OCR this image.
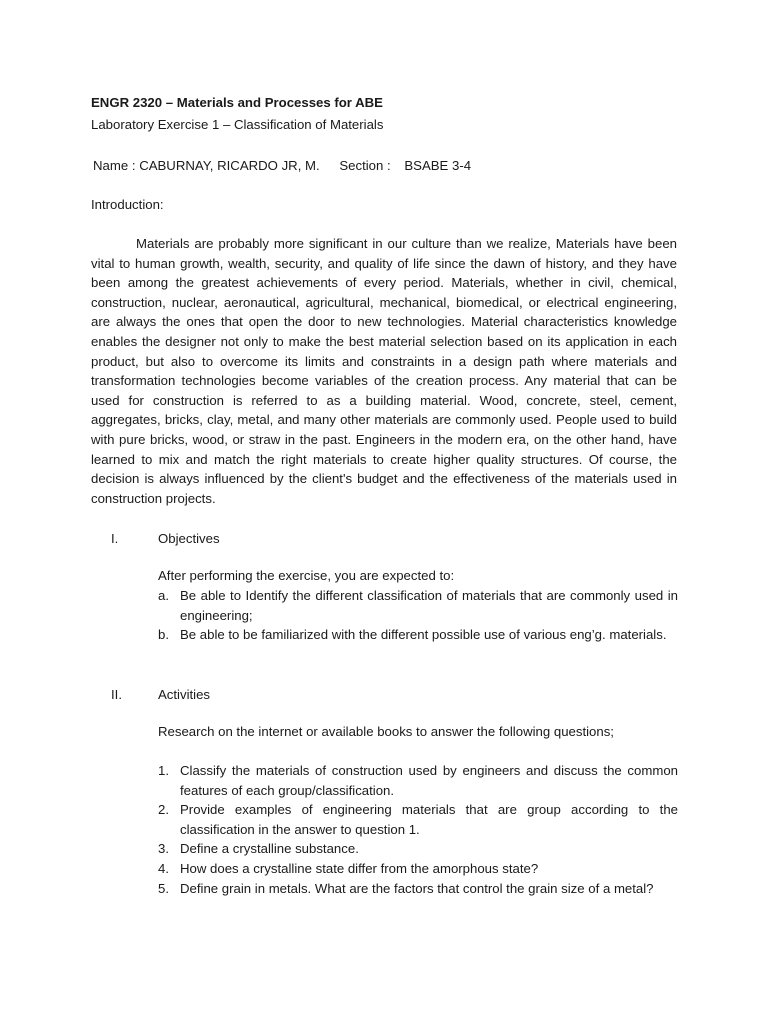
ENGR 2320 – Materials and Processes for ABE

Laboratory Exercise 1 – Classification of Materials

Name : CABURNAY, RICARDO JR, M. Section : BSABE 3-4

Introduction:

Materials are probably more significant in our culture than we realize, Materials have been vital to human growth, wealth, security, and quality of life since the dawn of history, and they have been among the greatest achievements of every period. Materials, whether in civil, chemical, construction, nuclear, aeronautical, agricultural, mechanical, biomedical, or electrical engineering, are always the ones that open the door to new technologies. Material characteristics knowledge enables the designer not only to make the best material selection based on its application in each product, but also to overcome its limits and constraints in a design path where materials and transformation technologies become variables of the creation process. Any material that can be used for construction is referred to as a building material. Wood, concrete, steel, cement, aggregates, bricks, clay, metal, and many other materials are commonly used. People used to build with pure bricks, wood, or straw in the past. Engineers in the modern era, on the other hand, have learned to mix and match the right materials to create higher quality structures. Of course, the decision is always influenced by the client's budget and the effectiveness of the materials used in construction projects.

I.	Objectives

After performing the exercise, you are expected to:

a. Be able to Identify the different classification of materials that are commonly used in engineering;
b. Be able to be familiarized with the different possible use of various eng’g. materials.

II.	Activities

Research on the internet or available books to answer the following questions;

1. Classify the materials of construction used by engineers and discuss the common features of each group/classification.
2. Provide examples of engineering materials that are group according to the classification in the answer to question 1.
3. Define a crystalline substance.
4. How does a crystalline state differ from the amorphous state?
5. Define grain in metals. What are the factors that control the grain size of a metal?
